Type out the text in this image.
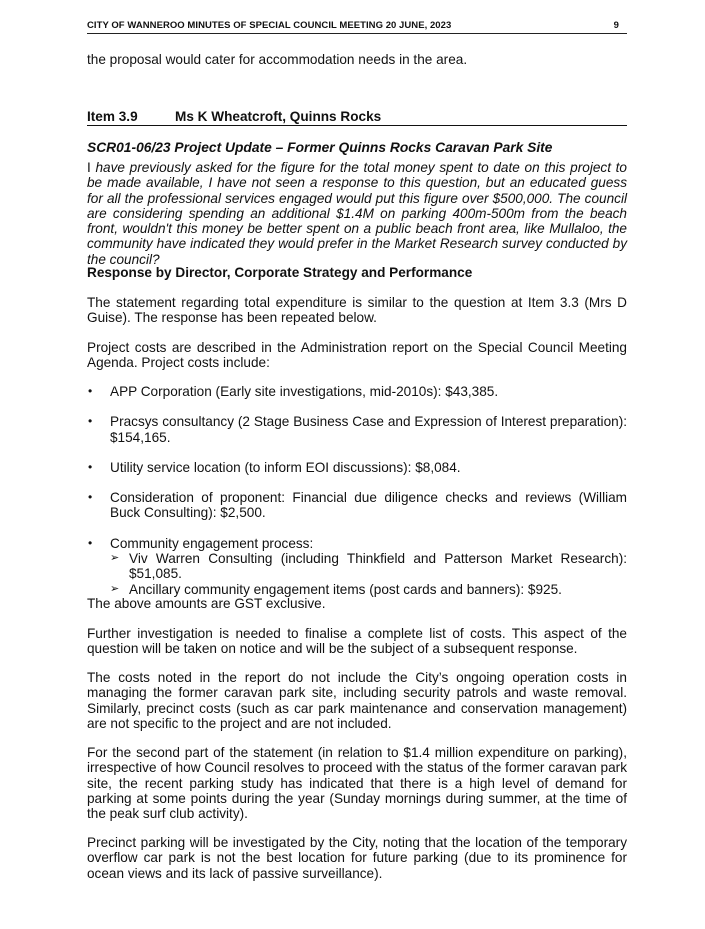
CITY OF WANNEROO MINUTES OF SPECIAL COUNCIL MEETING 20 JUNE, 2023	9

the proposal would cater for accommodation needs in the area.

Item 3.9	Ms K Wheatcroft, Quinns Rocks

SCR01-06/23 Project Update – Former Quinns Rocks Caravan Park Site

I have previously asked for the figure for the total money spent to date on this project to be made available, I have not seen a response to this question, but an educated guess for all the professional services engaged would put this figure over $500,000. The council are considering spending an additional $1.4M on parking 400m-500m from the beach front, wouldn't this money be better spent on a public beach front area, like Mullaloo, the community have indicated they would prefer in the Market Research survey conducted by the council?

Response by Director, Corporate Strategy and Performance

The statement regarding total expenditure is similar to the question at Item 3.3 (Mrs D Guise). The response has been repeated below.

Project costs are described in the Administration report on the Special Council Meeting Agenda. Project costs include:

• APP Corporation (Early site investigations, mid-2010s): $43,385.
• Pracsys consultancy (2 Stage Business Case and Expression of Interest preparation): $154,165.
• Utility service location (to inform EOI discussions): $8,084.
• Consideration of proponent: Financial due diligence checks and reviews (William Buck Consulting): $2,500.
• Community engagement process:
➢ Viv Warren Consulting (including Thinkfield and Patterson Market Research): $51,085.
➢ Ancillary community engagement items (post cards and banners): $925.

The above amounts are GST exclusive.

Further investigation is needed to finalise a complete list of costs. This aspect of the question will be taken on notice and will be the subject of a subsequent response.

The costs noted in the report do not include the City’s ongoing operation costs in managing the former caravan park site, including security patrols and waste removal. Similarly, precinct costs (such as car park maintenance and conservation management) are not specific to the project and are not included.

For the second part of the statement (in relation to $1.4 million expenditure on parking), irrespective of how Council resolves to proceed with the status of the former caravan park site, the recent parking study has indicated that there is a high level of demand for parking at some points during the year (Sunday mornings during summer, at the time of the peak surf club activity).

Precinct parking will be investigated by the City, noting that the location of the temporary overflow car park is not the best location for future parking (due to its prominence for ocean views and its lack of passive surveillance).
